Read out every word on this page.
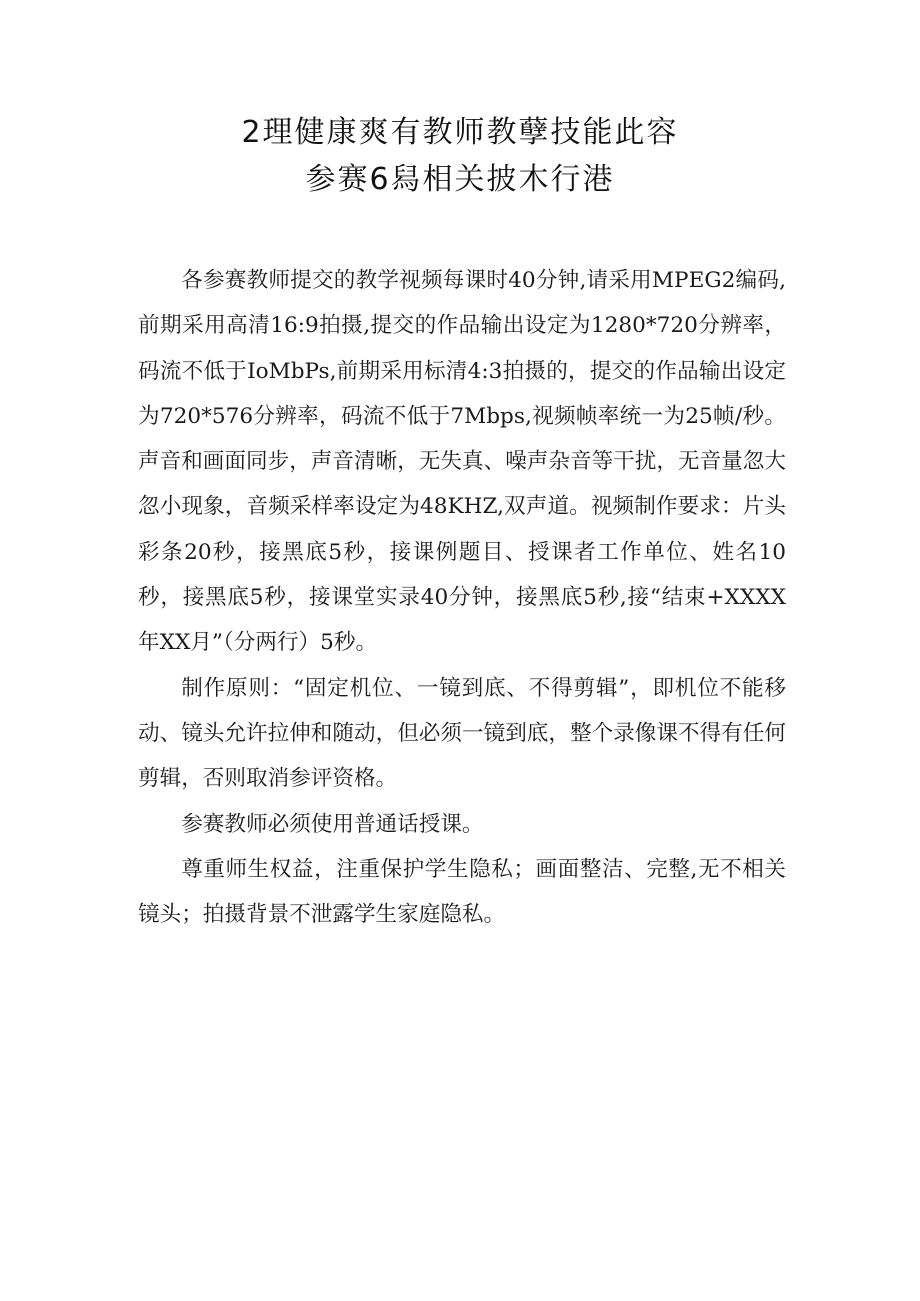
2理健康爽有教师教孽技能此容
参赛6舄相关披木行港

各参赛教师提交的教学视频每课时40分钟,请采用MPEG2编码,前期采用高清16:9拍摄,提交的作品输出设定为1280*720分辨率，码流不低于IoMbPs,前期采用标清4:3拍摄的，提交的作品输出设定为720*576分辨率，码流不低于7Mbps,视频帧率统一为25帧/秒。声音和画面同步，声音清晰，无失真、噪声杂音等干扰，无音量忽大忽小现象，音频采样率设定为48KHZ,双声道。视频制作要求：片头彩条20秒，接黑底5秒，接课例题目、授课者工作单位、姓名10秒，接黑底5秒，接课堂实录40分钟，接黑底5秒,接“结束+XXXX年XX月”（分两行）5秒。

制作原则：“固定机位、一镜到底、不得剪辑”，即机位不能移动、镜头允许拉伸和随动，但必须一镜到底，整个录像课不得有任何剪辑，否则取消参评资格。

参赛教师必须使用普通话授课。

尊重师生权益，注重保护学生隐私；画面整洁、完整,无不相关镜头；拍摄背景不泄露学生家庭隐私。
